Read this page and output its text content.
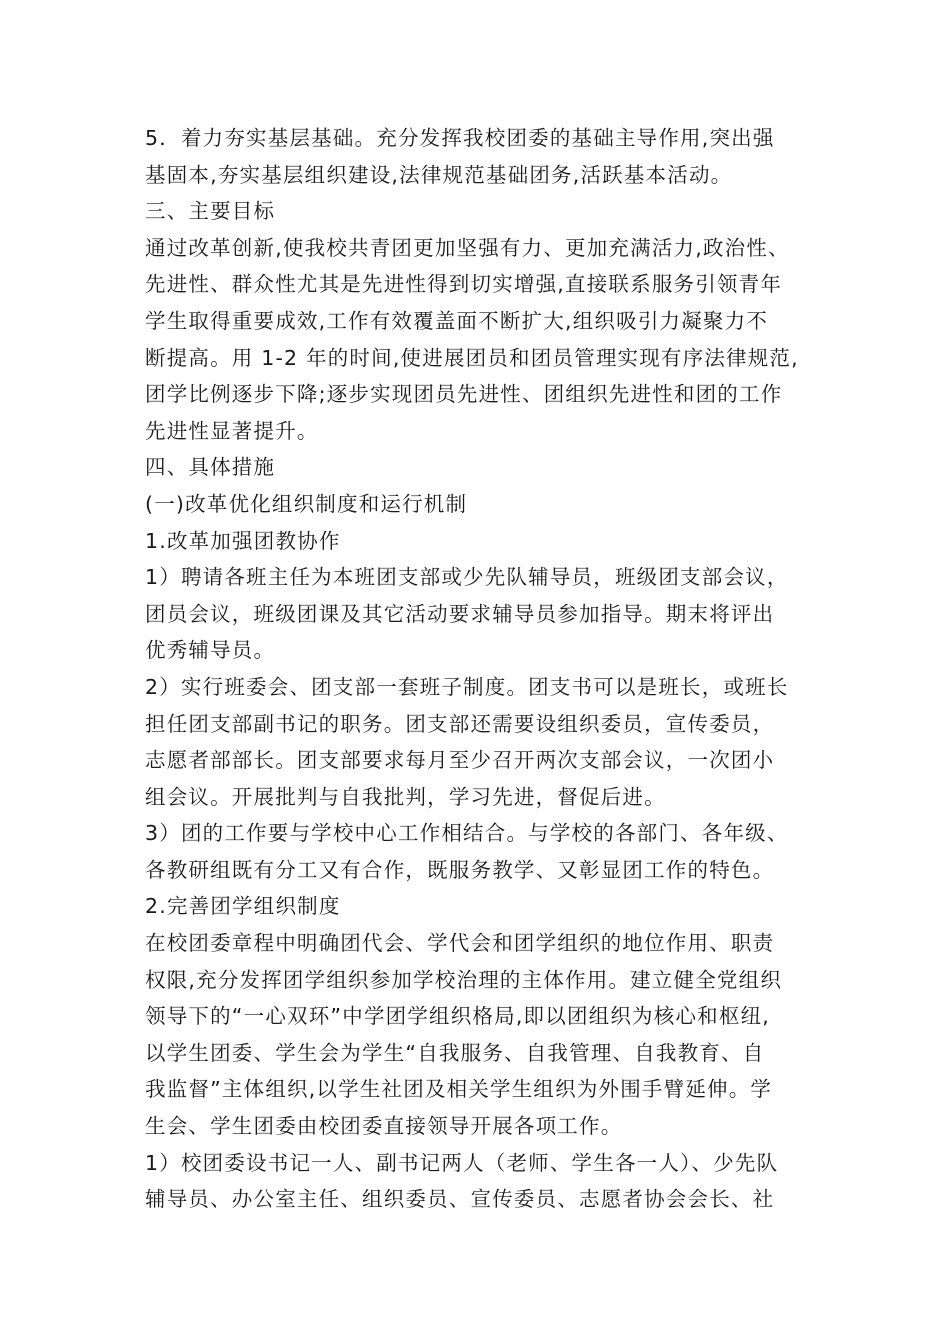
5．着力夯实基层基础。充分发挥我校团委的基础主导作用,突出强
基固本,夯实基层组织建设,法律规范基础团务,活跃基本活动。
三、主要目标
通过改革创新,使我校共青团更加坚强有力、更加充满活力,政治性、
先进性、群众性尤其是先进性得到切实增强,直接联系服务引领青年
学生取得重要成效,工作有效覆盖面不断扩大,组织吸引力凝聚力不
断提高。用 1-2 年的时间,使进展团员和团员管理实现有序法律规范,
团学比例逐步下降;逐步实现团员先进性、团组织先进性和团的工作
先进性显著提升。
四、具体措施
(一)改革优化组织制度和运行机制
1.改革加强团教协作
1）聘请各班主任为本班团支部或少先队辅导员，班级团支部会议，
团员会议，班级团课及其它活动要求辅导员参加指导。期末将评出
优秀辅导员。
2）实行班委会、团支部一套班子制度。团支书可以是班长，或班长
担任团支部副书记的职务。团支部还需要设组织委员，宣传委员，
志愿者部部长。团支部要求每月至少召开两次支部会议，一次团小
组会议。开展批判与自我批判，学习先进，督促后进。
3）团的工作要与学校中心工作相结合。与学校的各部门、各年级、
各教研组既有分工又有合作，既服务教学、又彰显团工作的特色。
2.完善团学组织制度
在校团委章程中明确团代会、学代会和团学组织的地位作用、职责
权限,充分发挥团学组织参加学校治理的主体作用。建立健全党组织
领导下的“一心双环”中学团学组织格局,即以团组织为核心和枢纽,
以学生团委、学生会为学生“自我服务、自我管理、自我教育、自
我监督”主体组织,以学生社团及相关学生组织为外围手臂延伸。学
生会、学生团委由校团委直接领导开展各项工作。
1）校团委设书记一人、副书记两人（老师、学生各一人）、少先队
辅导员、办公室主任、组织委员、宣传委员、志愿者协会会长、社
